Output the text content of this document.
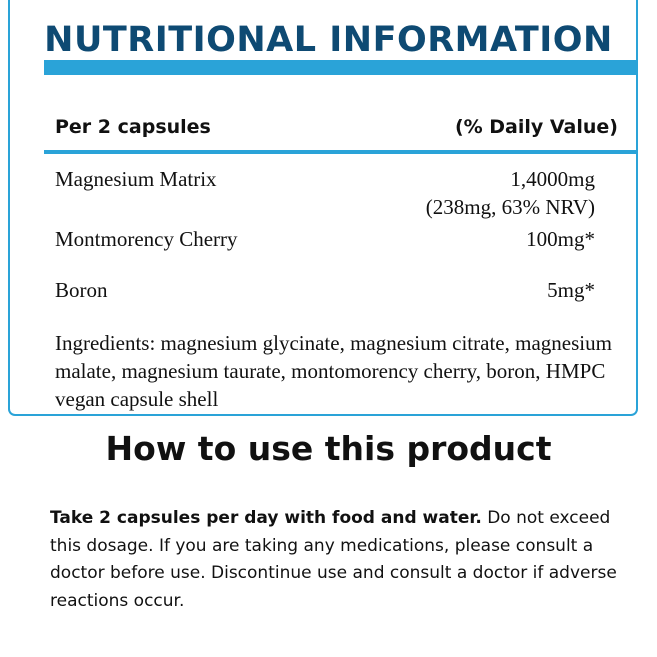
NUTRITIONAL INFORMATION
Per 2 capsules	(% Daily Value)
Magnesium Matrix	1,4000mg
(238mg, 63% NRV)
Montmorency Cherry	100mg*
Boron	5mg*

Ingredients: magnesium glycinate, magnesium citrate, magnesium malate, magnesium taurate, montomorency cherry, boron, HMPC vegan capsule shell

How to use this product

Take 2 capsules per day with food and water. Do not exceed this dosage. If you are taking any medications, please consult a doctor before use. Discontinue use and consult a doctor if adverse reactions occur.
